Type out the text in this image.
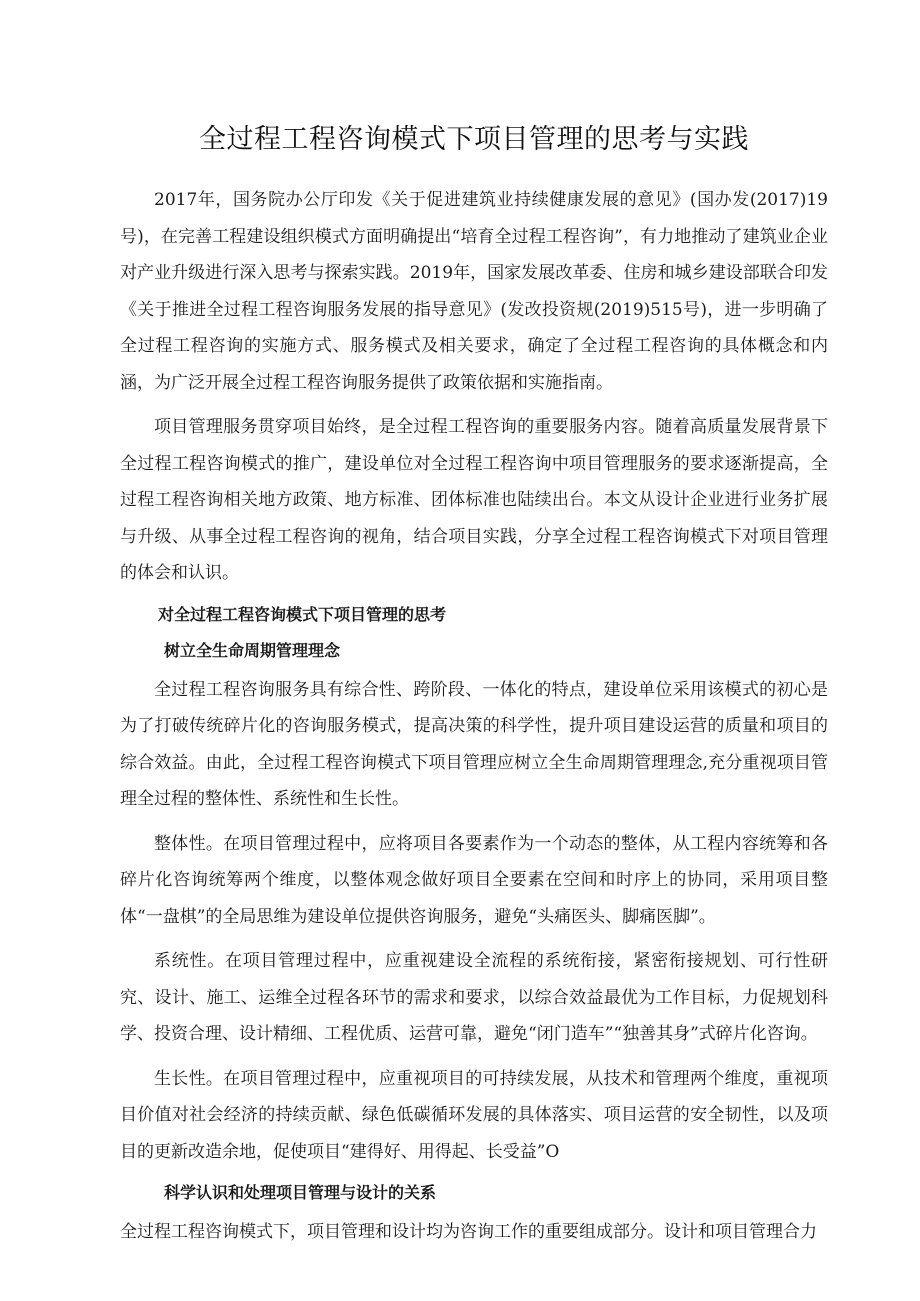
全过程工程咨询模式下项目管理的思考与实践

2017年，国务院办公厅印发《关于促进建筑业持续健康发展的意见》(国办发(2017)19号)，在完善工程建设组织模式方面明确提出“培育全过程工程咨询”，有力地推动了建筑业企业对产业升级进行深入思考与探索实践。2019年，国家发展改革委、住房和城乡建设部联合印发《关于推进全过程工程咨询服务发展的指导意见》(发改投资规(2019)515号)，进一步明确了全过程工程咨询的实施方式、服务模式及相关要求，确定了全过程工程咨询的具体概念和内涵，为广泛开展全过程工程咨询服务提供了政策依据和实施指南。

项目管理服务贯穿项目始终，是全过程工程咨询的重要服务内容。随着高质量发展背景下全过程工程咨询模式的推广，建设单位对全过程工程咨询中项目管理服务的要求逐渐提高，全过程工程咨询相关地方政策、地方标准、团体标准也陆续出台。本文从设计企业进行业务扩展与升级、从事全过程工程咨询的视角，结合项目实践，分享全过程工程咨询模式下对项目管理的体会和认识。

对全过程工程咨询模式下项目管理的思考
树立全生命周期管理理念

全过程工程咨询服务具有综合性、跨阶段、一体化的特点，建设单位采用该模式的初心是为了打破传统碎片化的咨询服务模式，提高决策的科学性，提升项目建设运营的质量和项目的综合效益。由此，全过程工程咨询模式下项目管理应树立全生命周期管理理念,充分重视项目管理全过程的整体性、系统性和生长性。

整体性。在项目管理过程中，应将项目各要素作为一个动态的整体，从工程内容统筹和各碎片化咨询统筹两个维度，以整体观念做好项目全要素在空间和时序上的协同，采用项目整体“一盘棋”的全局思维为建设单位提供咨询服务，避免“头痛医头、脚痛医脚”。

系统性。在项目管理过程中，应重视建设全流程的系统衔接，紧密衔接规划、可行性研究、设计、施工、运维全过程各环节的需求和要求，以综合效益最优为工作目标，力促规划科学、投资合理、设计精细、工程优质、运营可靠，避免“闭门造车”“独善其身”式碎片化咨询。

生长性。在项目管理过程中，应重视项目的可持续发展，从技术和管理两个维度，重视项目价值对社会经济的持续贡献、绿色低碳循环发展的具体落实、项目运营的安全韧性，以及项目的更新改造余地，促使项目“建得好、用得起、长受益”O

科学认识和处理项目管理与设计的关系

全过程工程咨询模式下，项目管理和设计均为咨询工作的重要组成部分。设计和项目管理合力
